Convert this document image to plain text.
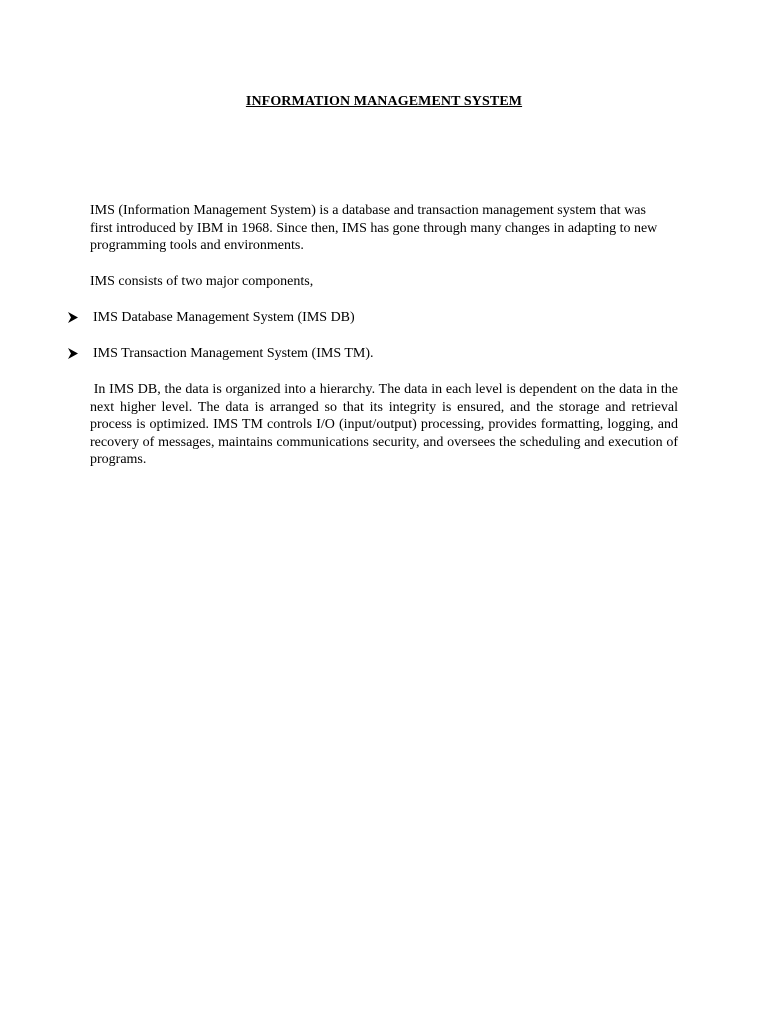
INFORMATION MANAGEMENT SYSTEM

IMS (Information Management System) is a database and transaction management system that was first introduced by IBM in 1968. Since then, IMS has gone through many changes in adapting to new programming tools and environments.

IMS consists of two major components,

IMS Database Management System (IMS DB)
IMS Transaction Management System (IMS TM).

In IMS DB, the data is organized into a hierarchy. The data in each level is dependent on the data in the next higher level. The data is arranged so that its integrity is ensured, and the storage and retrieval process is optimized. IMS TM controls I/O (input/output) processing, provides formatting, logging, and recovery of messages, maintains communications security, and oversees the scheduling and execution of programs.
